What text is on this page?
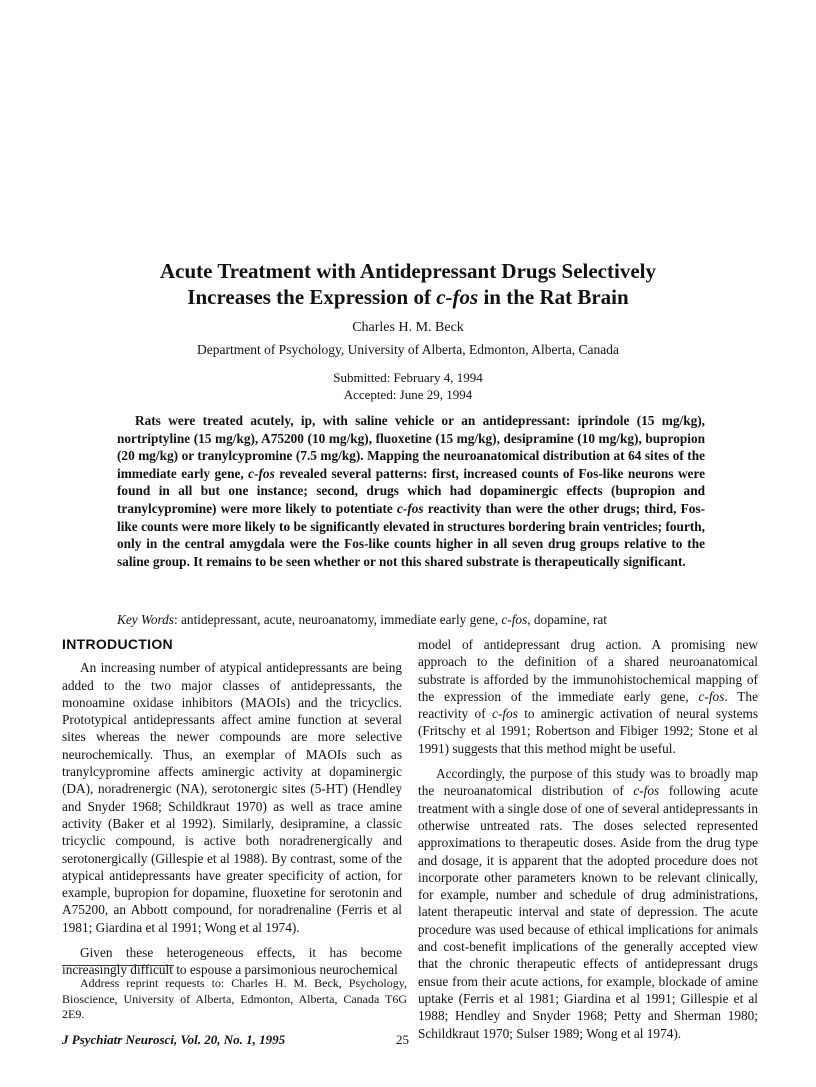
Acute Treatment with Antidepressant Drugs Selectively
Increases the Expression of c-fos in the Rat Brain
Charles H. M. Beck
Department of Psychology, University of Alberta, Edmonton, Alberta, Canada
Submitted: February 4, 1994
Accepted: June 29, 1994
Rats were treated acutely, ip, with saline vehicle or an antidepressant: iprindole (15 mg/kg), nortriptyline (15 mg/kg), A75200 (10 mg/kg), fluoxetine (15 mg/kg), desipramine (10 mg/kg), bupropion (20 mg/kg) or tranylcypromine (7.5 mg/kg). Mapping the neuroanatomical distribution at 64 sites of the immediate early gene, c-fos revealed several patterns: first, increased counts of Fos-like neurons were found in all but one instance; second, drugs which had dopaminergic effects (bupropion and tranylcypromine) were more likely to potentiate c-fos reactivity than were the other drugs; third, Fos-like counts were more likely to be significantly elevated in structures bordering brain ventricles; fourth, only in the central amygdala were the Fos-like counts higher in all seven drug groups relative to the saline group. It remains to be seen whether or not this shared substrate is therapeutically significant.
Key Words: antidepressant, acute, neuroanatomy, immediate early gene, c-fos, dopamine, rat
INTRODUCTION

An increasing number of atypical antidepressants are being added to the two major classes of antidepressants, the monoamine oxidase inhibitors (MAOIs) and the tricyclics. Prototypical antidepressants affect amine function at several sites whereas the newer compounds are more selective neurochemically. Thus, an exemplar of MAOIs such as tranylcypromine affects aminergic activity at dopaminergic (DA), noradrenergic (NA), serotonergic sites (5-HT) (Hendley and Snyder 1968; Schildkraut 1970) as well as trace amine activity (Baker et al 1992). Similarly, desipramine, a classic tricyclic compound, is active both noradrenergically and serotonergically (Gillespie et al 1988). By contrast, some of the atypical antidepressants have greater specificity of action, for example, bupropion for dopamine, fluoxetine for serotonin and A75200, an Abbott compound, for noradrenaline (Ferris et al 1981; Giardina et al 1991; Wong et al 1974).

Given these heterogeneous effects, it has become increasingly difficult to espouse a parsimonious neurochemical

model of antidepressant drug action. A promising new approach to the definition of a shared neuroanatomical substrate is afforded by the immunohistochemical mapping of the expression of the immediate early gene, c-fos. The reactivity of c-fos to aminergic activation of neural systems (Fritschy et al 1991; Robertson and Fibiger 1992; Stone et al 1991) suggests that this method might be useful.

Accordingly, the purpose of this study was to broadly map the neuroanatomical distribution of c-fos following acute treatment with a single dose of one of several antidepressants in otherwise untreated rats. The doses selected represented approximations to therapeutic doses. Aside from the drug type and dosage, it is apparent that the adopted procedure does not incorporate other parameters known to be relevant clinically, for example, number and schedule of drug administrations, latent therapeutic interval and state of depression. The acute procedure was used because of ethical implications for animals and cost-benefit implications of the generally accepted view that the chronic therapeutic effects of antidepressant drugs ensue from their acute actions, for example, blockade of amine uptake (Ferris et al 1981; Giardina et al 1991; Gillespie et al 1988; Hendley and Snyder 1968; Petty and Sherman 1980; Schildkraut 1970; Sulser 1989; Wong et al 1974).

Address reprint requests to: Charles H. M. Beck, Psychology, Bioscience, University of Alberta, Edmonton, Alberta, Canada T6G 2E9.
J Psychiatr Neurosci, Vol. 20, No. 1, 1995	25
